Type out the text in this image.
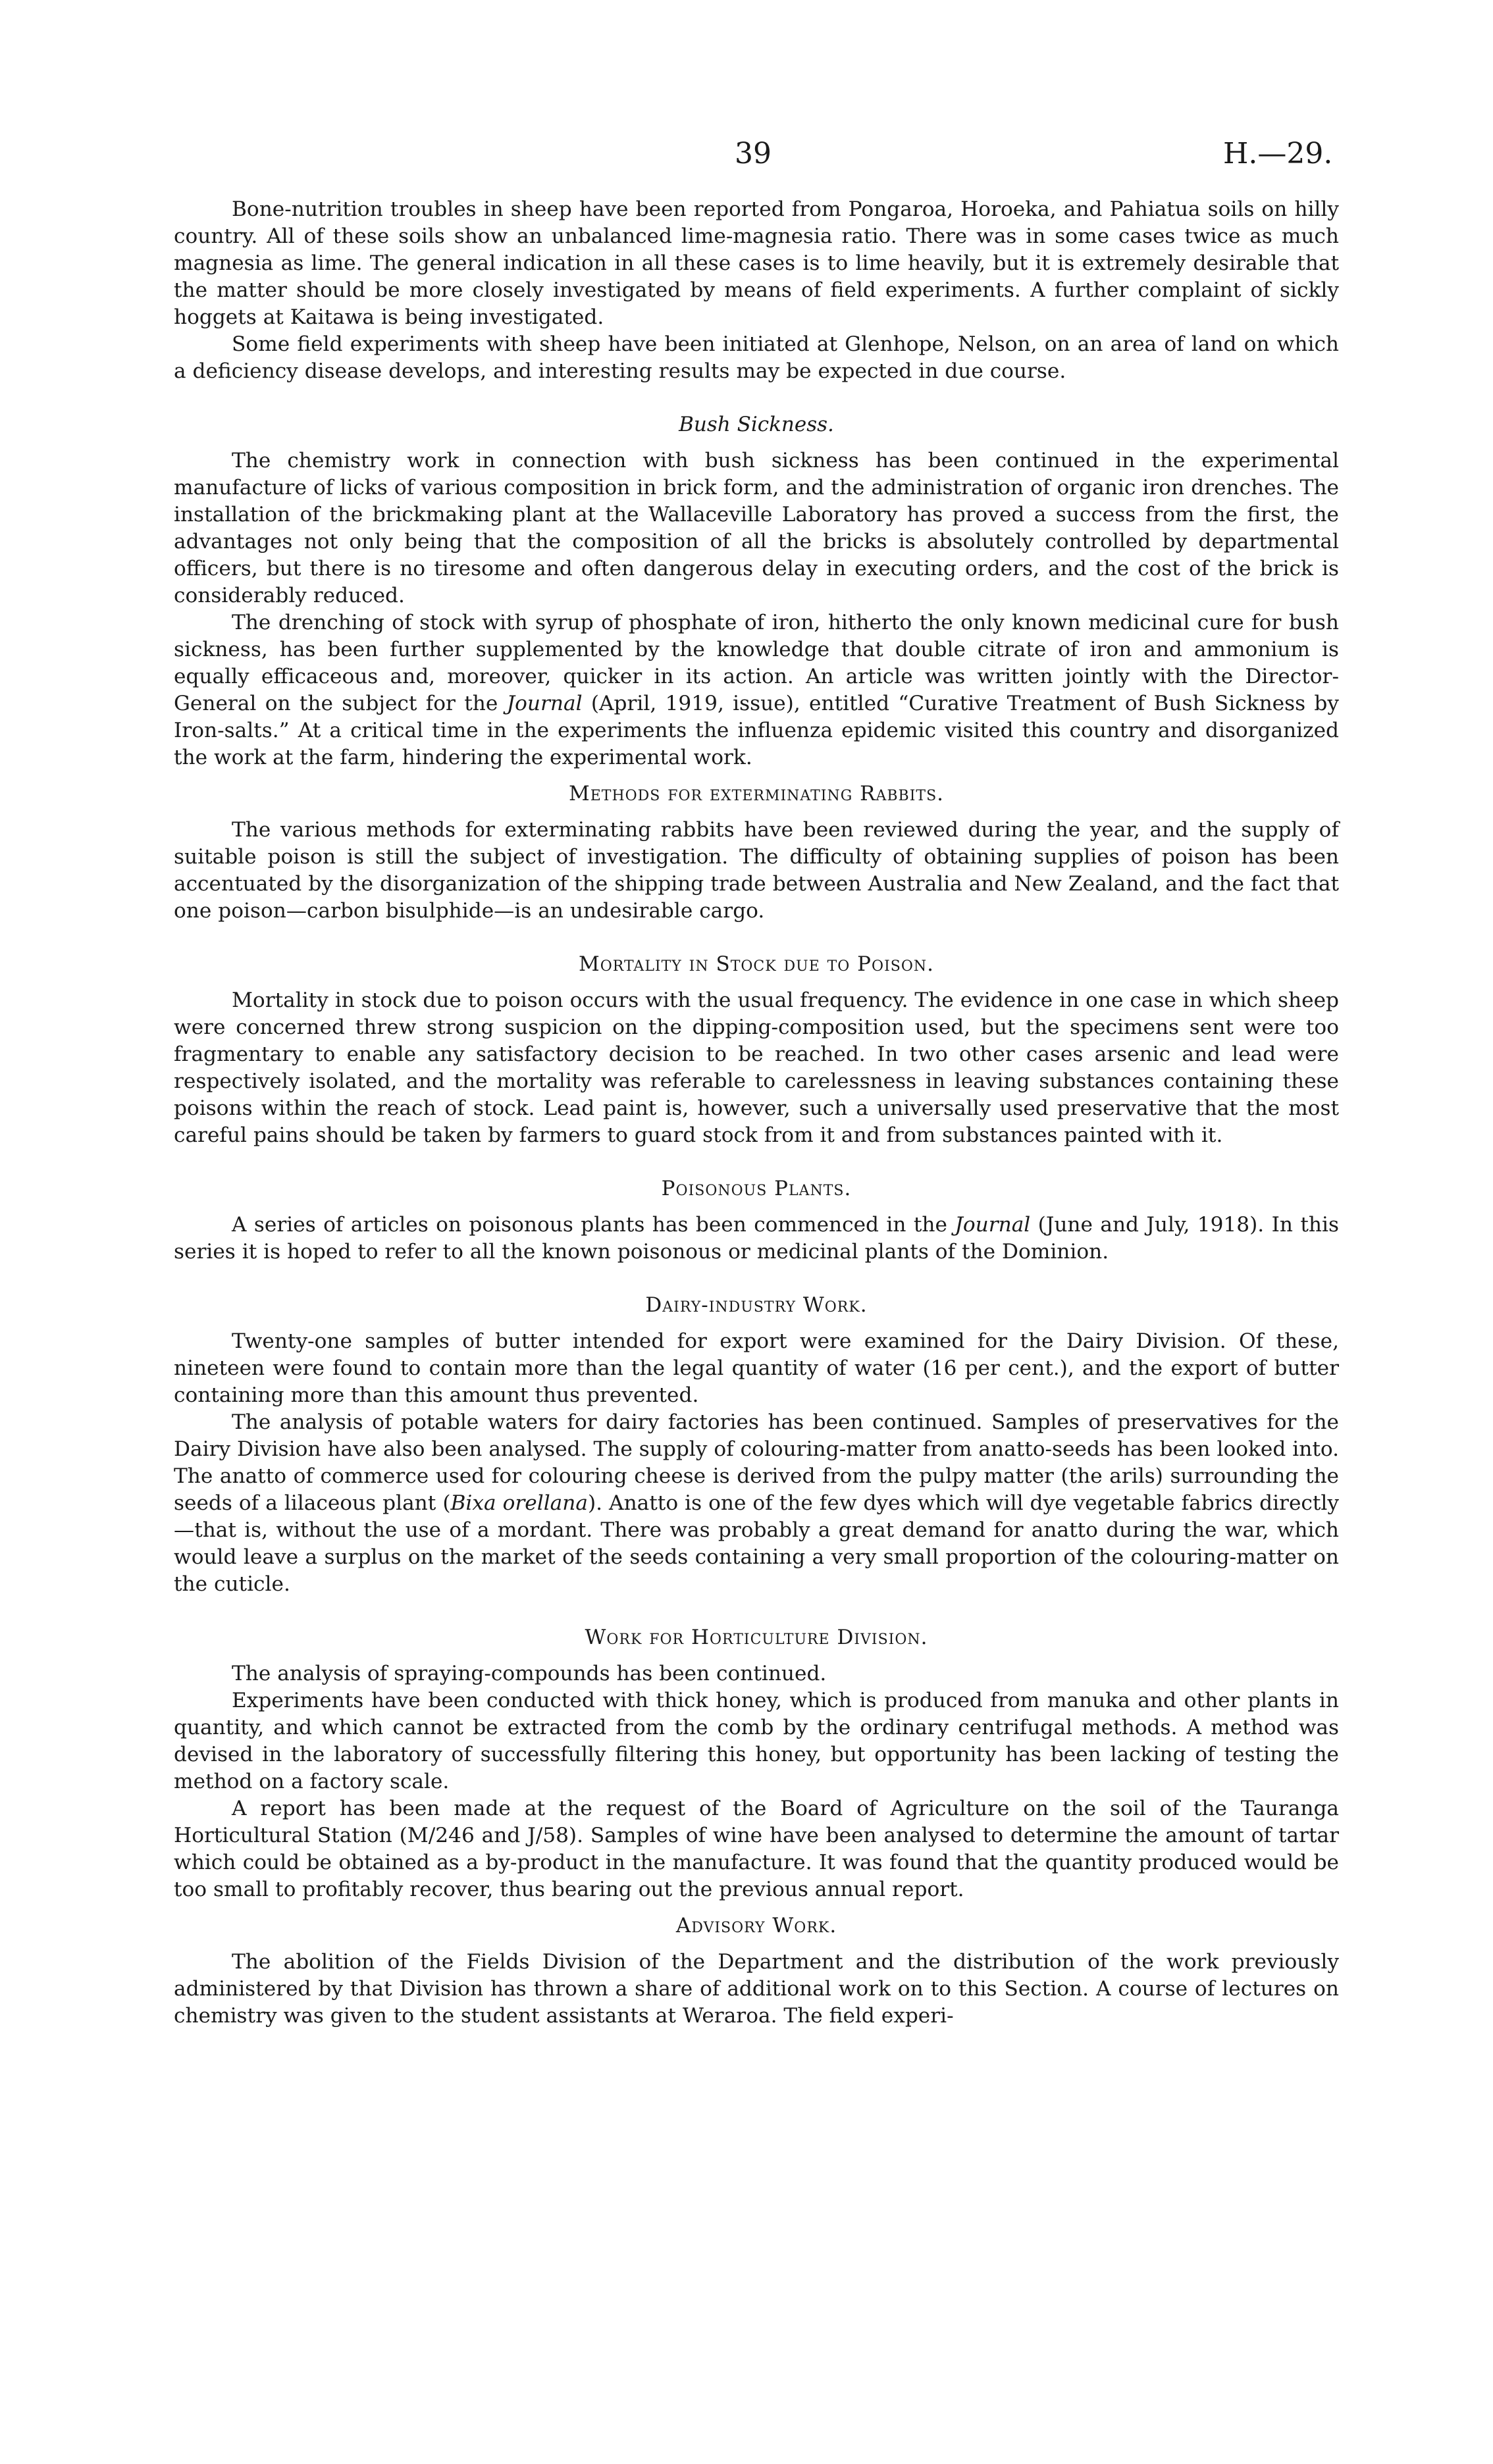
39	H.—29.

Bone-nutrition troubles in sheep have been reported from Pongaroa, Horoeka, and Pahiatua soils on hilly country. All of these soils show an unbalanced lime-magnesia ratio. There was in some cases twice as much magnesia as lime. The general indication in all these cases is to lime heavily, but it is extremely desirable that the matter should be more closely investigated by means of field experiments. A further complaint of sickly hoggets at Kaitawa is being investigated.

Some field experiments with sheep have been initiated at Glenhope, Nelson, on an area of land on which a deficiency disease develops, and interesting results may be expected in due course.

Bush Sickness.

The chemistry work in connection with bush sickness has been continued in the experimental manufacture of licks of various composition in brick form, and the administration of organic iron drenches. The installation of the brickmaking plant at the Wallaceville Laboratory has proved a success from the first, the advantages not only being that the composition of all the bricks is absolutely controlled by departmental officers, but there is no tiresome and often dangerous delay in executing orders, and the cost of the brick is considerably reduced.

The drenching of stock with syrup of phosphate of iron, hitherto the only known medicinal cure for bush sickness, has been further supplemented by the knowledge that double citrate of iron and ammonium is equally efficaceous and, moreover, quicker in its action. An article was written jointly with the Director-General on the subject for the Journal (April, 1919, issue), entitled “Curative Treatment of Bush Sickness by Iron-salts.” At a critical time in the experiments the influenza epidemic visited this country and disorganized the work at the farm, hindering the experimental work.

Methods for exterminating Rabbits.

The various methods for exterminating rabbits have been reviewed during the year, and the supply of suitable poison is still the subject of investigation. The difficulty of obtaining supplies of poison has been accentuated by the disorganization of the shipping trade between Australia and New Zealand, and the fact that one poison—carbon bisulphide—is an undesirable cargo.

Mortality in Stock due to Poison.

Mortality in stock due to poison occurs with the usual frequency. The evidence in one case in which sheep were concerned threw strong suspicion on the dipping-composition used, but the specimens sent were too fragmentary to enable any satisfactory decision to be reached. In two other cases arsenic and lead were respectively isolated, and the mortality was referable to carelessness in leaving substances containing these poisons within the reach of stock. Lead paint is, however, such a universally used preservative that the most careful pains should be taken by farmers to guard stock from it and from substances painted with it.

Poisonous Plants.

A series of articles on poisonous plants has been commenced in the Journal (June and July, 1918). In this series it is hoped to refer to all the known poisonous or medicinal plants of the Dominion.

Dairy-industry Work.

Twenty-one samples of butter intended for export were examined for the Dairy Division. Of these, nineteen were found to contain more than the legal quantity of water (16 per cent.), and the export of butter containing more than this amount thus prevented.

The analysis of potable waters for dairy factories has been continued. Samples of preservatives for the Dairy Division have also been analysed. The supply of colouring-matter from anatto-seeds has been looked into. The anatto of commerce used for colouring cheese is derived from the pulpy matter (the arils) surrounding the seeds of a lilaceous plant (Bixa orellana). Anatto is one of the few dyes which will dye vegetable fabrics directly—that is, without the use of a mordant. There was probably a great demand for anatto during the war, which would leave a surplus on the market of the seeds containing a very small proportion of the colouring-matter on the cuticle.

Work for Horticulture Division.

The analysis of spraying-compounds has been continued.

Experiments have been conducted with thick honey, which is produced from manuka and other plants in quantity, and which cannot be extracted from the comb by the ordinary centrifugal methods. A method was devised in the laboratory of successfully filtering this honey, but opportunity has been lacking of testing the method on a factory scale.

A report has been made at the request of the Board of Agriculture on the soil of the Tauranga Horticultural Station (M/246 and J/58). Samples of wine have been analysed to determine the amount of tartar which could be obtained as a by-product in the manufacture. It was found that the quantity produced would be too small to profitably recover, thus bearing out the previous annual report.

Advisory Work.

The abolition of the Fields Division of the Department and the distribution of the work previously administered by that Division has thrown a share of additional work on to this Section. A course of lectures on chemistry was given to the student assistants at Weraroa. The field experi-
